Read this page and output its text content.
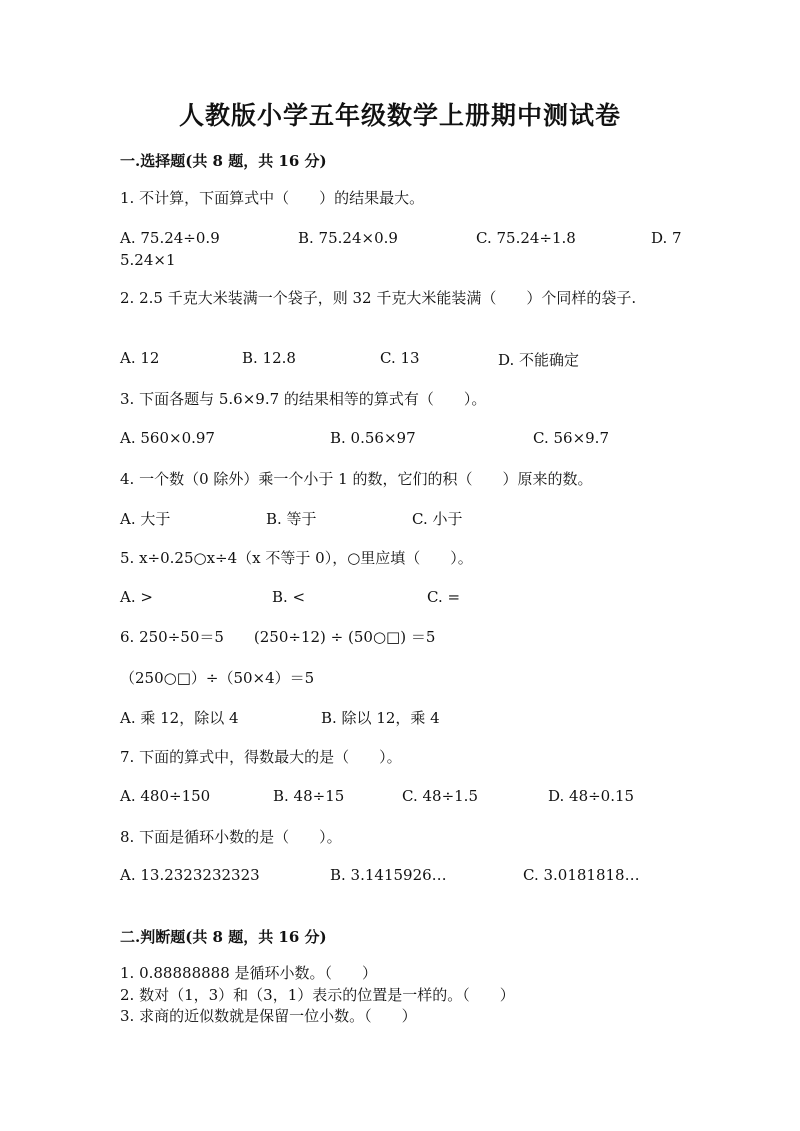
人教版小学五年级数学上册期中测试卷
一.选择题(共 8 题，共 16 分)
1. 不计算，下面算式中（　　）的结果最大。
A. 75.24÷0.9	B. 75.24×0.9	C. 75.24÷1.8	D. 7
5.24×1
2. 2.5 千克大米装满一个袋子，则 32 千克大米能装满（　　）个同样的袋子.
A. 12	B. 12.8	C. 13	D. 不能确定
3. 下面各题与 5.6×9.7 的结果相等的算式有（　　）。
A. 560×0.97	B. 0.56×97	C. 56×9.7
4. 一个数（0 除外）乘一个小于 1 的数，它们的积（　　）原来的数。
A. 大于	B. 等于	C. 小于
5. x÷0.25○x÷4（x 不等于 0），○里应填（　　）。
A. >	B. <	C. =
6. 250÷50＝5　　(250÷12) ÷ (50○□) ＝5
（250○□）÷（50×4）＝5
A. 乘 12，除以 4	B. 除以 12，乘 4
7. 下面的算式中，得数最大的是（　　）。
A. 480÷150	B. 48÷15	C. 48÷1.5	D. 48÷0.15
8. 下面是循环小数的是（　　）。
A. 13.2323232323	B. 3.1415926…	C. 3.0181818…
二.判断题(共 8 题，共 16 分)
1. 0.88888888 是循环小数。（　　）
2. 数对（1，3）和（3，1）表示的位置是一样的。（　　）
3. 求商的近似数就是保留一位小数。（　　）
